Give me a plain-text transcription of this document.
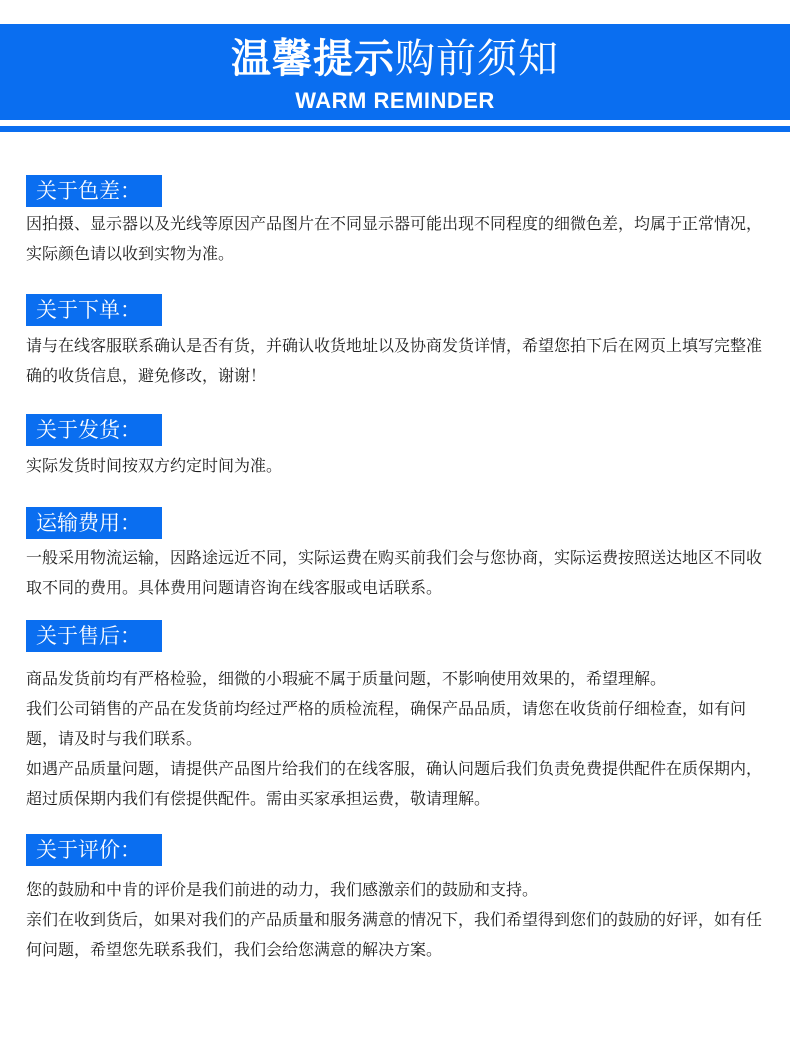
温馨提示购前须知
WARM REMINDER
关于色差：
因拍摄、显示器以及光线等原因产品图片在不同显示器可能出现不同程度的细微色差，均属于正常情况，实际颜色请以收到实物为准。
关于下单：
请与在线客服联系确认是否有货，并确认收货地址以及协商发货详情，希望您拍下后在网页上填写完整准确的收货信息，避免修改，谢谢！
关于发货：
实际发货时间按双方约定时间为准。
运输费用：
一般采用物流运输，因路途远近不同，实际运费在购买前我们会与您协商，实际运费按照送达地区不同收取不同的费用。具体费用问题请咨询在线客服或电话联系。
关于售后：
商品发货前均有严格检验，细微的小瑕疵不属于质量问题，不影响使用效果的，希望理解。
我们公司销售的产品在发货前均经过严格的质检流程，确保产品品质，请您在收货前仔细检查，如有问题，请及时与我们联系。
如遇产品质量问题，请提供产品图片给我们的在线客服，确认问题后我们负责免费提供配件在质保期内，超过质保期内我们有偿提供配件。需由买家承担运费，敬请理解。
关于评价：
您的鼓励和中肯的评价是我们前进的动力，我们感激亲们的鼓励和支持。
亲们在收到货后，如果对我们的产品质量和服务满意的情况下，我们希望得到您们的鼓励的好评，如有任何问题，希望您先联系我们，我们会给您满意的解决方案。
